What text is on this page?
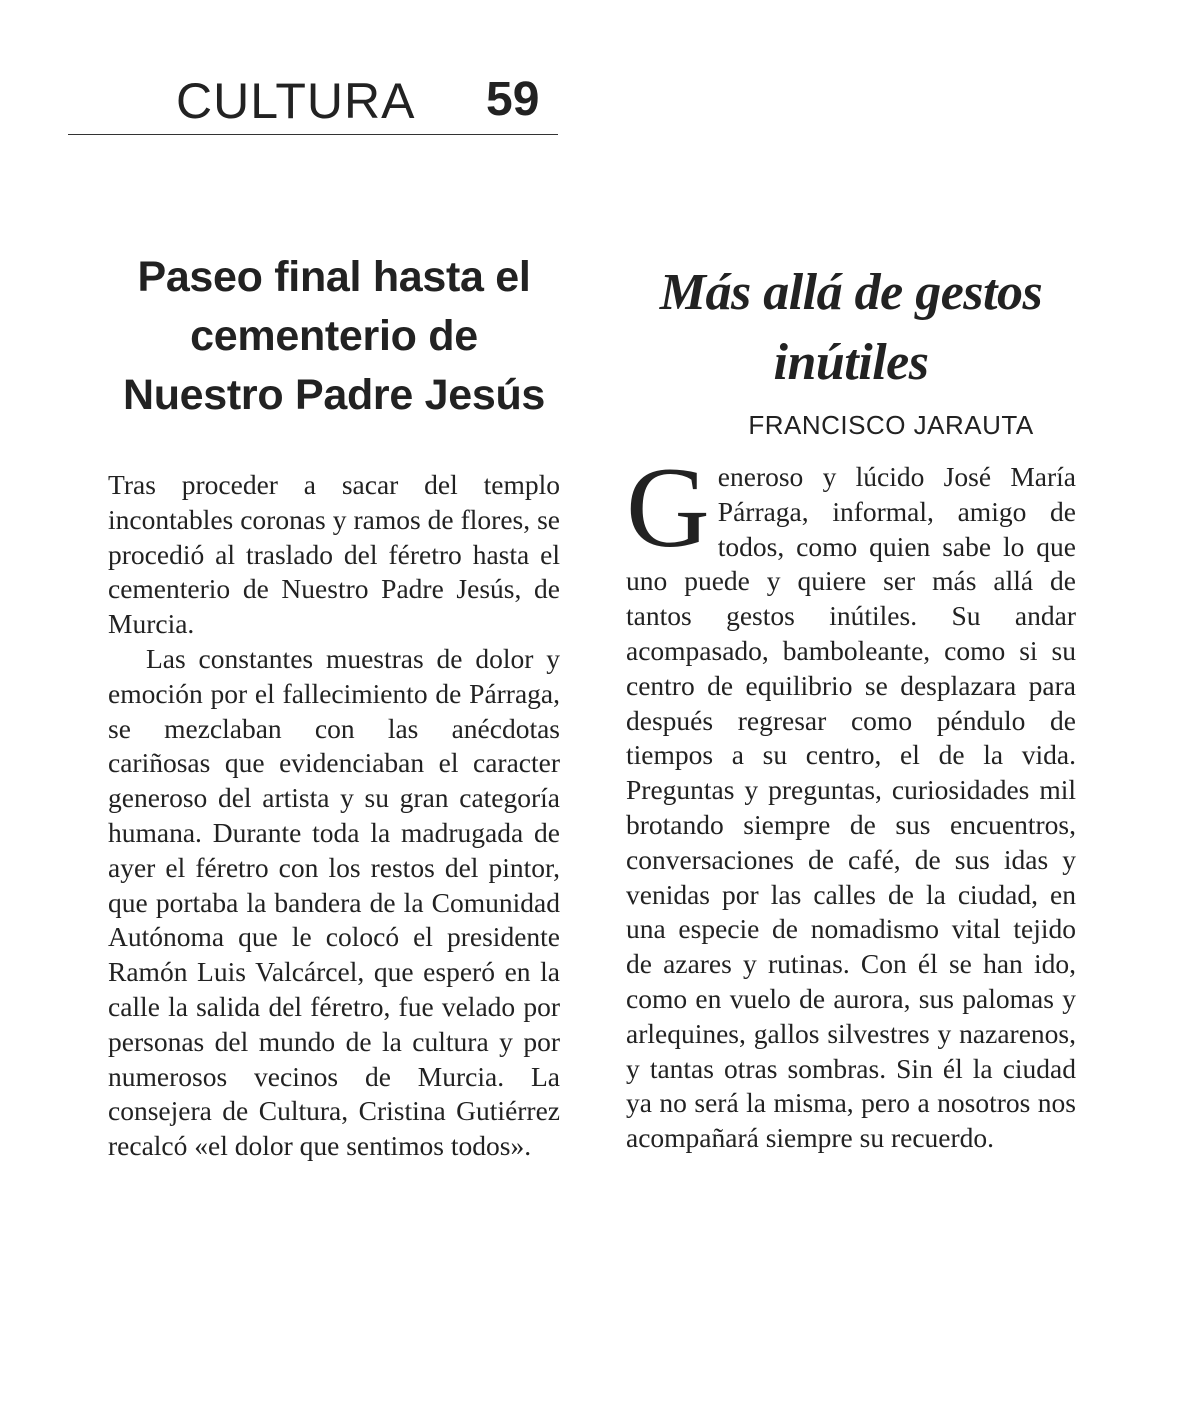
CULTURA 59
Paseo final hasta el cementerio de Nuestro Padre Jesús

Tras proceder a sacar del templo incontables coronas y ramos de flores, se procedió al traslado del féretro hasta el cementerio de Nuestro Padre Jesús, de Murcia.

Las constantes muestras de dolor y emoción por el fallecimiento de Párraga, se mezclaban con las anécdotas cariñosas que evidenciaban el caracter generoso del artista y su gran categoría humana. Durante toda la madrugada de ayer el féretro con los restos del pintor, que portaba la bandera de la Comunidad Autónoma que le colocó el presidente Ramón Luis Valcárcel, que esperó en la calle la salida del féretro, fue velado por personas del mundo de la cultura y por numerosos vecinos de Murcia. La consejera de Cultura, Cristina Gutiérrez recalcó «el dolor que sentimos todos».

Más allá de gestos inútiles
FRANCISCO JARAUTA
G eneroso y lúcido José María Párraga, informal, amigo de todos, como quien sabe lo que uno puede y quiere ser más allá de tantos gestos inútiles. Su andar acompasado, bamboleante, como si su centro de equilibrio se desplazara para después regresar como péndulo de tiempos a su centro, el de la vida. Preguntas y preguntas, curiosidades mil brotando siempre de sus encuentros, conversaciones de café, de sus idas y venidas por las calles de la ciudad, en una especie de nomadismo vital tejido de azares y rutinas. Con él se han ido, como en vuelo de aurora, sus palomas y arlequines, gallos silvestres y nazarenos, y tantas otras sombras. Sin él la ciudad ya no será la misma, pero a nosotros nos acompañará siempre su recuerdo.
